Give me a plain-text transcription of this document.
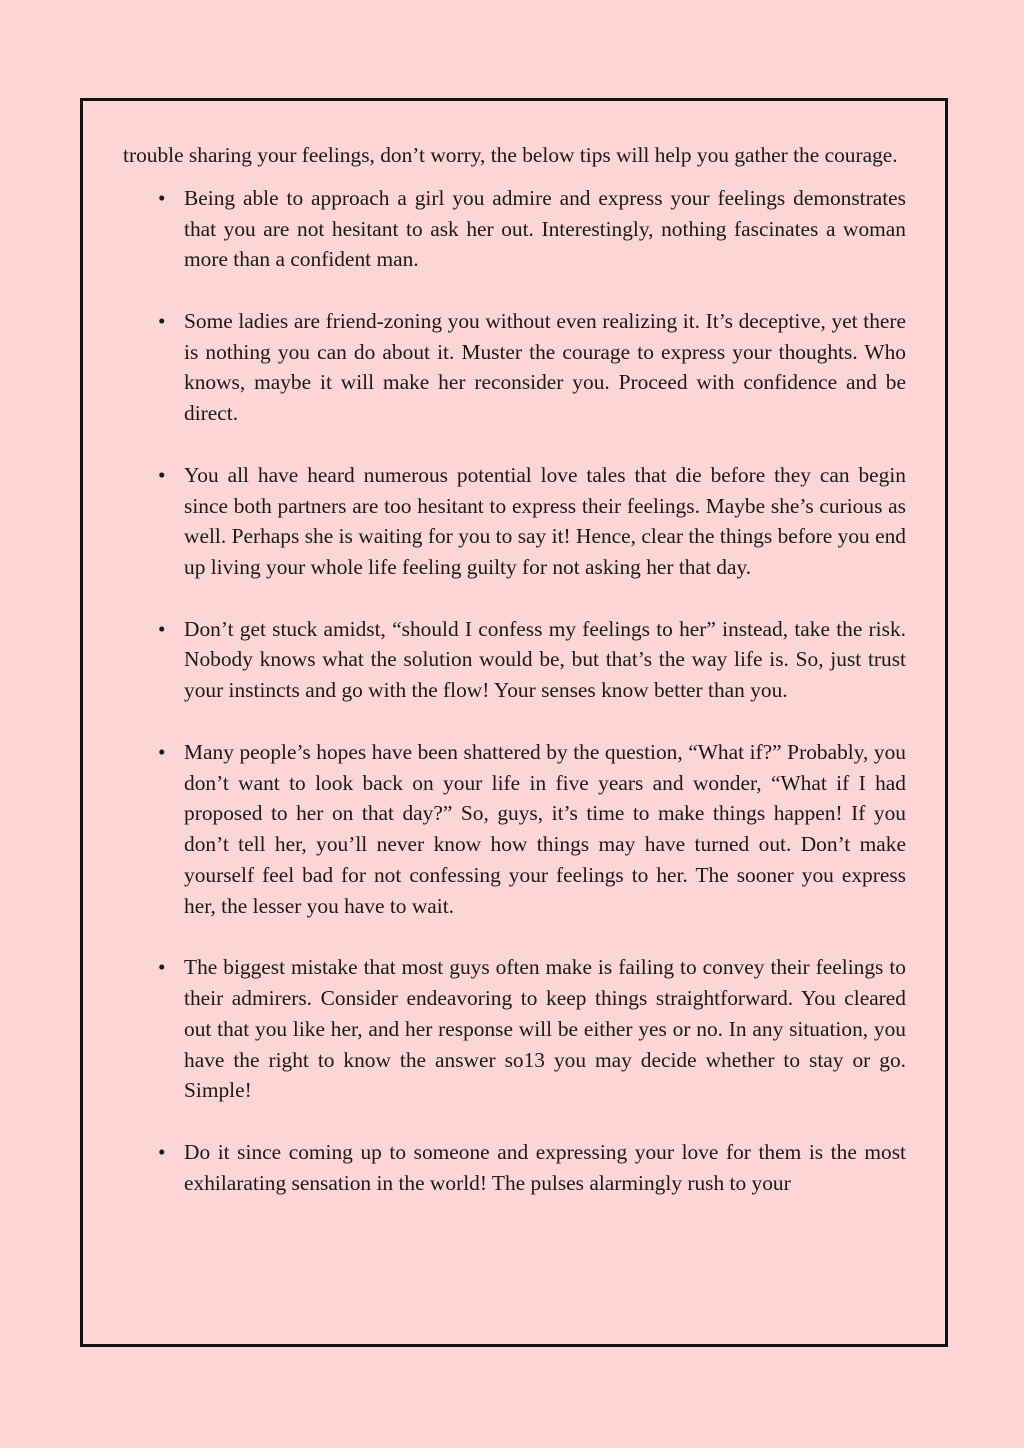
trouble sharing your feelings, don’t worry, the below tips will help you gather the courage.

• Being able to approach a girl you admire and express your feelings demonstrates that you are not hesitant to ask her out. Interestingly, nothing fascinates a woman more than a confident man.
• Some ladies are friend-zoning you without even realizing it. It’s deceptive, yet there is nothing you can do about it. Muster the courage to express your thoughts. Who knows, maybe it will make her reconsider you. Proceed with confidence and be direct.
• You all have heard numerous potential love tales that die before they can begin since both partners are too hesitant to express their feelings. Maybe she’s curious as well. Perhaps she is waiting for you to say it! Hence, clear the things before you end up living your whole life feeling guilty for not asking her that day.
• Don’t get stuck amidst, “should I confess my feelings to her” instead, take the risk. Nobody knows what the solution would be, but that’s the way life is. So, just trust your instincts and go with the flow! Your senses know better than you.
• Many people’s hopes have been shattered by the question, “What if?” Probably, you don’t want to look back on your life in five years and wonder, “What if I had proposed to her on that day?” So, guys, it’s time to make things happen! If you don’t tell her, you’ll never know how things may have turned out. Don’t make yourself feel bad for not confessing your feelings to her. The sooner you express her, the lesser you have to wait.
• The biggest mistake that most guys often make is failing to convey their feelings to their admirers. Consider endeavoring to keep things straightforward. You cleared out that you like her, and her response will be either yes or no. In any situation, you have the right to know the answer so13 you may decide whether to stay or go. Simple!
• Do it since coming up to someone and expressing your love for them is the most exhilarating sensation in the world! The pulses alarmingly rush to your
